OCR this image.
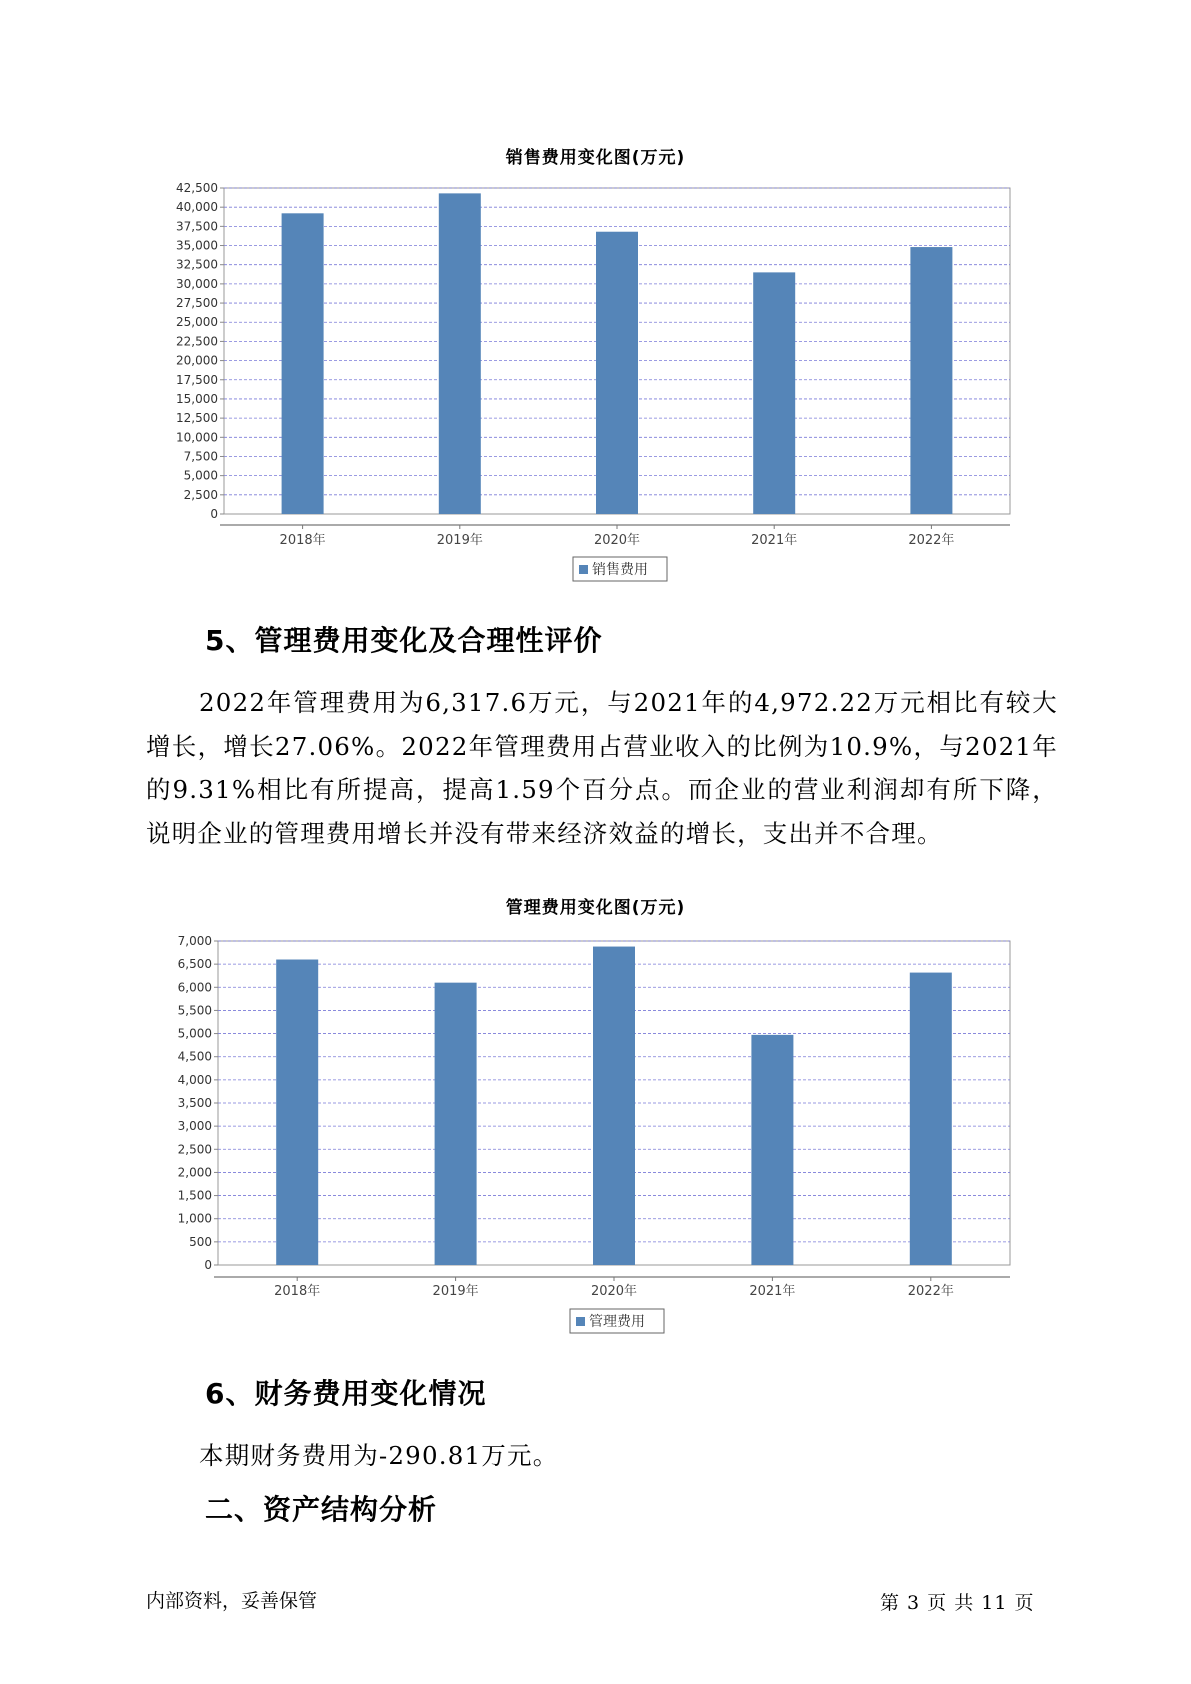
销售费用变化图(万元)
0
2,500
5,000
7,500
10,000
12,500
15,000
17,500
20,000
22,500
25,000
27,500
30,000
32,500
35,000
37,500
40,000
42,500
2018年	2019年	2020年	2021年	2022年
销售费用
5、管理费用变化及合理性评价

2022年管理费用为6,317.6万元，与2021年的4,972.22万元相比有较大增长，增长27.06%。2022年管理费用占营业收入的比例为10.9%，与2021年的9.31%相比有所提高，提高1.59个百分点。而企业的营业利润却有所下降，说明企业的管理费用增长并没有带来经济效益的增长，支出并不合理。

管理费用变化图(万元)
0
500
1,000
1,500
2,000
2,500
3,000
3,500
4,000
4,500
5,000
5,500
6,000
6,500
7,000
2018年	2019年	2020年	2021年	2022年
管理费用
6、财务费用变化情况

本期财务费用为-290.81万元。

二、资产结构分析
内部资料，妥善保管	第 3 页 共 11 页
